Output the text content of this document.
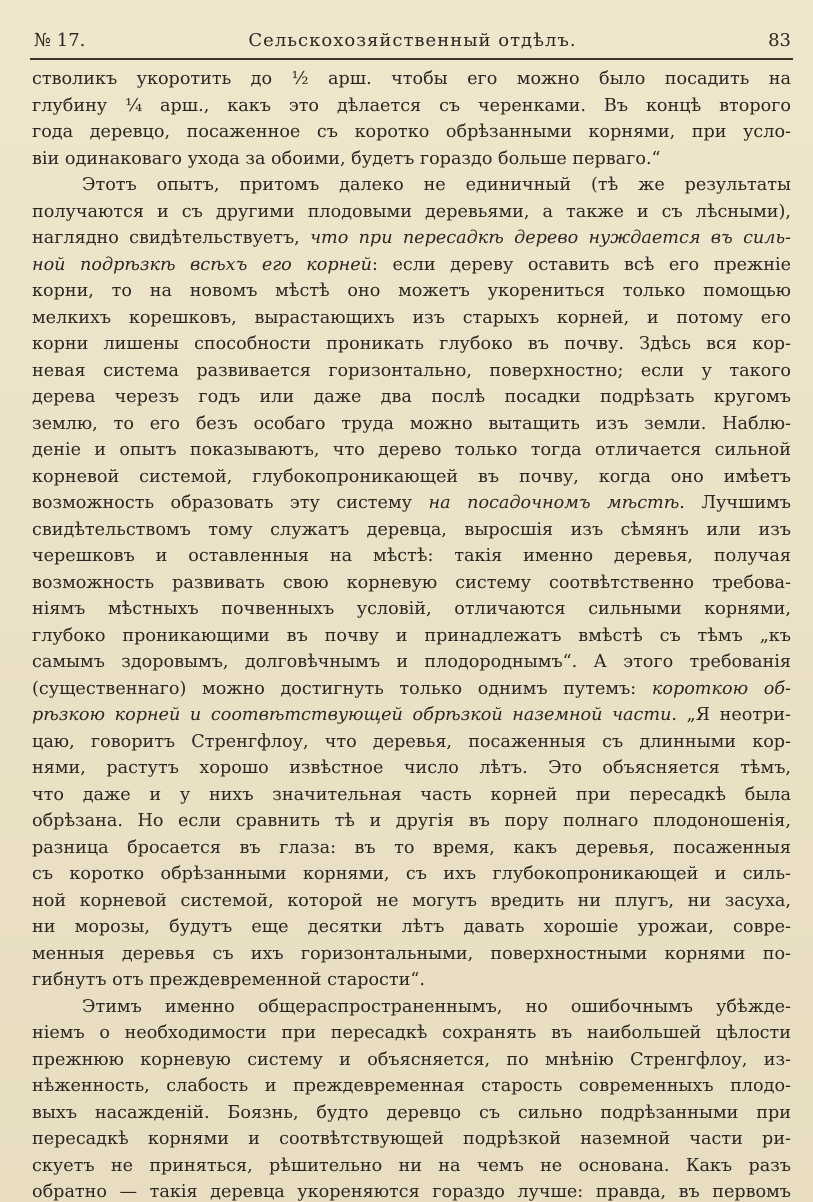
№ 17.	Сельскохозяйственный отдѣлъ.	83
стволикъ укоротить до ½ арш. чтобы его можно было посадить на
глубину ¼ арш., какъ это дѣлается съ черенками. Въ концѣ второго
года деревцо, посаженное съ коротко обрѣзанными корнями, при усло-
віи одинаковаго ухода за обоими, будетъ гораздо больше перваго.“
Этотъ опытъ, притомъ далеко не единичный (тѣ же результаты
получаются и съ другими плодовыми деревьями, а также и съ лѣсными),
наглядно свидѣтельствуетъ, что при пересадкѣ дерево нуждается въ силь-
ной подрѣзкѣ всѣхъ его корней: если дереву оставить всѣ его прежніе
корни, то на новомъ мѣстѣ оно можетъ укорениться только помощью
мелкихъ корешковъ, вырастающихъ изъ старыхъ корней, и потому его
корни лишены способности проникать глубоко въ почву. Здѣсь вся кор-
невая система развивается горизонтально, поверхностно; если у такого
дерева черезъ годъ или даже два послѣ посадки подрѣзать кругомъ
землю, то его безъ особаго труда можно вытащить изъ земли. Наблю-
деніе и опытъ показываютъ, что дерево только тогда отличается сильной
корневой системой, глубокопроникающей въ почву, когда оно имѣетъ
возможность образовать эту систему на посадочномъ мѣстѣ. Лучшимъ
свидѣтельствомъ тому служатъ деревца, выросшія изъ сѣмянъ или изъ
черешковъ и оставленныя на мѣстѣ: такія именно деревья, получая
возможность развивать свою корневую систему соотвѣтственно требова-
ніямъ мѣстныхъ почвенныхъ условій, отличаются сильными корнями,
глубоко проникающими въ почву и принадлежатъ вмѣстѣ съ тѣмъ „къ
самымъ здоровымъ, долговѣчнымъ и плодороднымъ“. А этого требованія
(существеннаго) можно достигнуть только однимъ путемъ: короткою об-
рѣзкою корней и соотвѣтствующей обрѣзкой наземной части. „Я неотри-
цаю, говоритъ Стренгфлоу, что деревья, посаженныя съ длинными кор-
нями, растутъ хорошо извѣстное число лѣтъ. Это объясняется тѣмъ,
что даже и у нихъ значительная часть корней при пересадкѣ была
обрѣзана. Но если сравнить тѣ и другія въ пору полнаго плодоношенія,
разница бросается въ глаза: въ то время, какъ деревья, посаженныя
съ коротко обрѣзанными корнями, съ ихъ глубокопроникающей и силь-
ной корневой системой, которой не могутъ вредить ни плугъ, ни засуха,
ни морозы, будутъ еще десятки лѣтъ давать хорошіе урожаи, совре-
менныя деревья съ ихъ горизонтальными, поверхностными корнями по-
гибнутъ отъ преждевременной старости“.
Этимъ именно общераспространеннымъ, но ошибочнымъ убѣжде-
ніемъ о необходимости при пересадкѣ сохранять въ наибольшей цѣлости
прежнюю корневую систему и объясняется, по мнѣнію Стренгфлоу, из-
нѣженность, слабость и преждевременная старость современныхъ плодо-
выхъ насажденій. Боязнь, будто деревцо съ сильно подрѣзанными при
пересадкѣ корнями и соотвѣтствующей подрѣзкой наземной части ри-
скуетъ не приняться, рѣшительно ни на чемъ не основана. Какъ разъ
обратно — такія деревца укореняются гораздо лучше: правда, въ первомъ
